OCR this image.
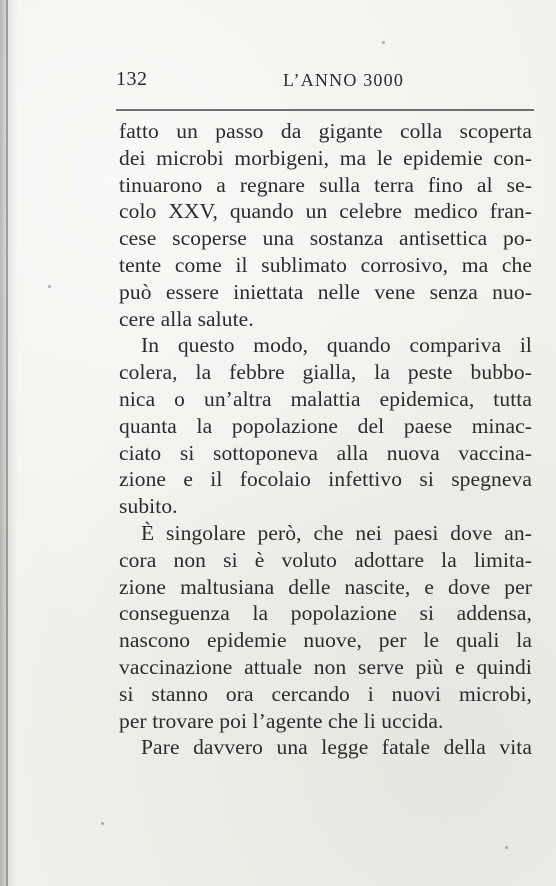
132	L’ANNO 3000
fatto un passo da gigante colla scoperta
dei microbi morbigeni, ma le epidemie con-
tinuarono a regnare sulla terra fino al se-
colo XXV, quando un celebre medico fran-
cese scoperse una sostanza antisettica po-
tente come il sublimato corrosivo, ma che
può essere iniettata nelle vene senza nuo-
cere alla salute.
In questo modo, quando compariva il
colera, la febbre gialla, la peste bubbo-
nica o un’altra malattia epidemica, tutta
quanta la popolazione del paese minac-
ciato si sottoponeva alla nuova vaccina-
zione e il focolaio infettivo si spegneva
subito.
È singolare però, che nei paesi dove an-
cora non si è voluto adottare la limita-
zione maltusiana delle nascite, e dove per
conseguenza la popolazione si addensa,
nascono epidemie nuove, per le quali la
vaccinazione attuale non serve più e quindi
si stanno ora cercando i nuovi microbi,
per trovare poi l’agente che li uccida.
Pare davvero una legge fatale della vita
